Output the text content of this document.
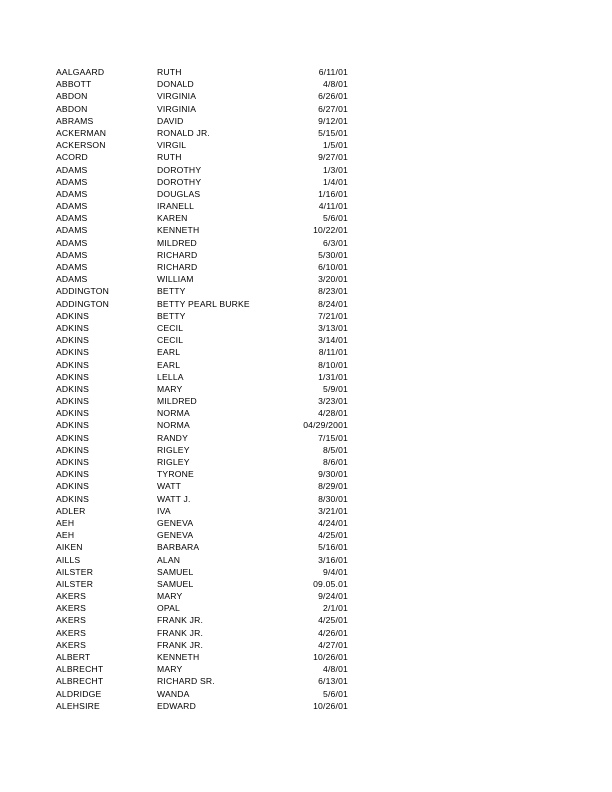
AALGAARD	RUTH	6/11/01
ABBOTT	DONALD	4/8/01
ABDON	VIRGINIA	6/26/01
ABDON	VIRGINIA	6/27/01
ABRAMS	DAVID	9/12/01
ACKERMAN	RONALD JR.	5/15/01
ACKERSON	VIRGIL	1/5/01
ACORD	RUTH	9/27/01
ADAMS	DOROTHY	1/3/01
ADAMS	DOROTHY	1/4/01
ADAMS	DOUGLAS	1/16/01
ADAMS	IRANELL	4/11/01
ADAMS	KAREN	5/6/01
ADAMS	KENNETH	10/22/01
ADAMS	MILDRED	6/3/01
ADAMS	RICHARD	5/30/01
ADAMS	RICHARD	6/10/01
ADAMS	WILLIAM	3/20/01
ADDINGTON	BETTY	8/23/01
ADDINGTON	BETTY PEARL BURKE	8/24/01
ADKINS	BETTY	7/21/01
ADKINS	CECIL	3/13/01
ADKINS	CECIL	3/14/01
ADKINS	EARL	8/11/01
ADKINS	EARL	8/10/01
ADKINS	LELLA	1/31/01
ADKINS	MARY	5/9/01
ADKINS	MILDRED	3/23/01
ADKINS	NORMA	4/28/01
ADKINS	NORMA	04/29/2001
ADKINS	RANDY	7/15/01
ADKINS	RIGLEY	8/5/01
ADKINS	RIGLEY	8/6/01
ADKINS	TYRONE	9/30/01
ADKINS	WATT	8/29/01
ADKINS	WATT J.	8/30/01
ADLER	IVA	3/21/01
AEH	GENEVA	4/24/01
AEH	GENEVA	4/25/01
AIKEN	BARBARA	5/16/01
AILLS	ALAN	3/16/01
AILSTER	SAMUEL	9/4/01
AILSTER	SAMUEL	09.05.01
AKERS	MARY	9/24/01
AKERS	OPAL	2/1/01
AKERS	FRANK JR.	4/25/01
AKERS	FRANK JR.	4/26/01
AKERS	FRANK JR.	4/27/01
ALBERT	KENNETH	10/26/01
ALBRECHT	MARY	4/8/01
ALBRECHT	RICHARD SR.	6/13/01
ALDRIDGE	WANDA	5/6/01
ALEHSIRE	EDWARD	10/26/01
